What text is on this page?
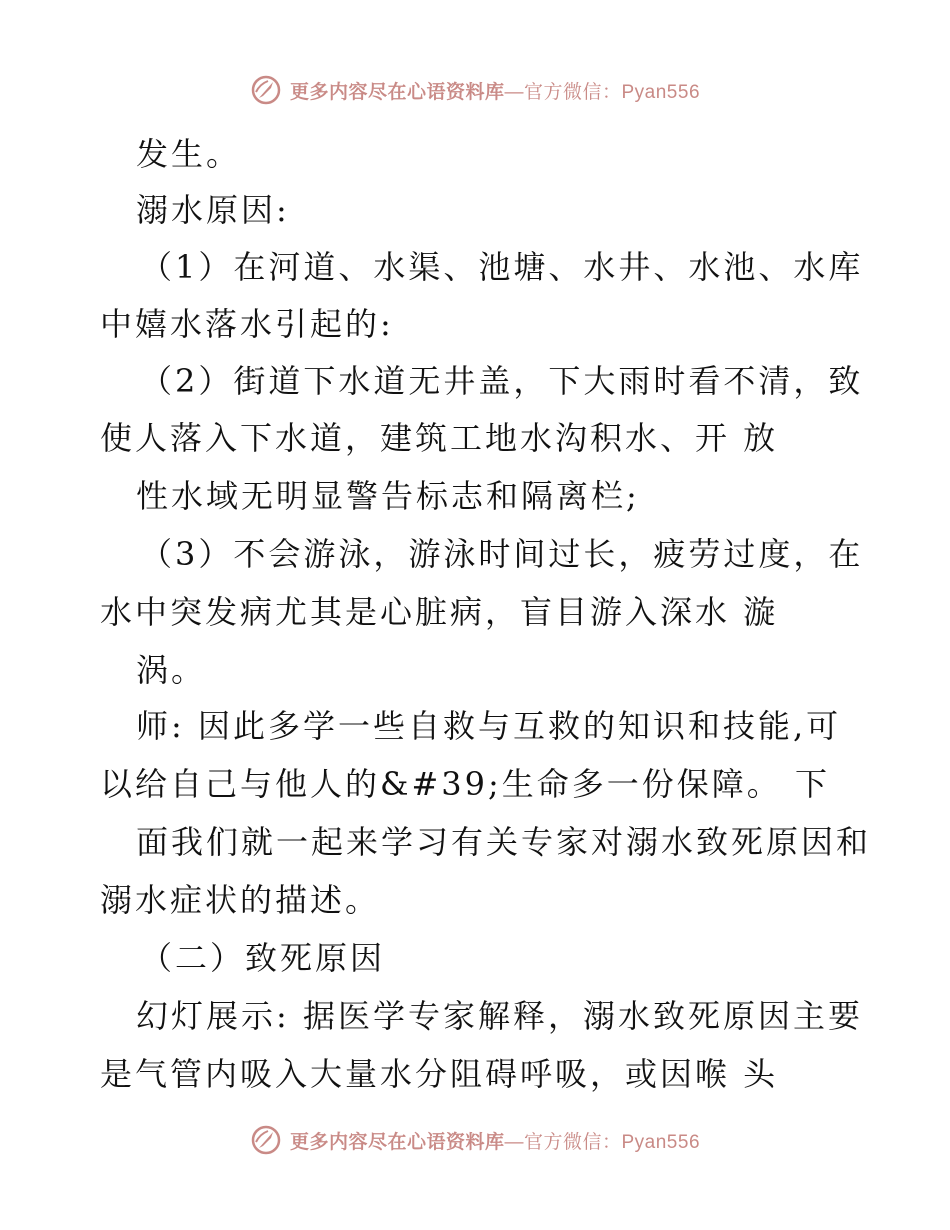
更多内容尽在心语资料库—官方微信：Pyan556
发生。
溺水原因:
（1）在河道、水渠、池塘、水井、水池、水库
中嬉水落水引起的:
（2）街道下水道无井盖，下大雨时看不清，致
使人落入下水道，建筑工地水沟积水、开 放
性水域无明显警告标志和隔离栏;
（3）不会游泳，游泳时间过长，疲劳过度，在
水中突发病尤其是心脏病，盲目游入深水 漩
涡。
师: 因此多学一些自救与互救的知识和技能,可
以给自己与他人的&#39;生命多一份保障。 下
面我们就一起来学习有关专家对溺水致死原因和
溺水症状的描述。
（二）致死原因
幻灯展示: 据医学专家解释，溺水致死原因主要
是气管内吸入大量水分阻碍呼吸，或因喉 头
更多内容尽在心语资料库—官方微信：Pyan556
